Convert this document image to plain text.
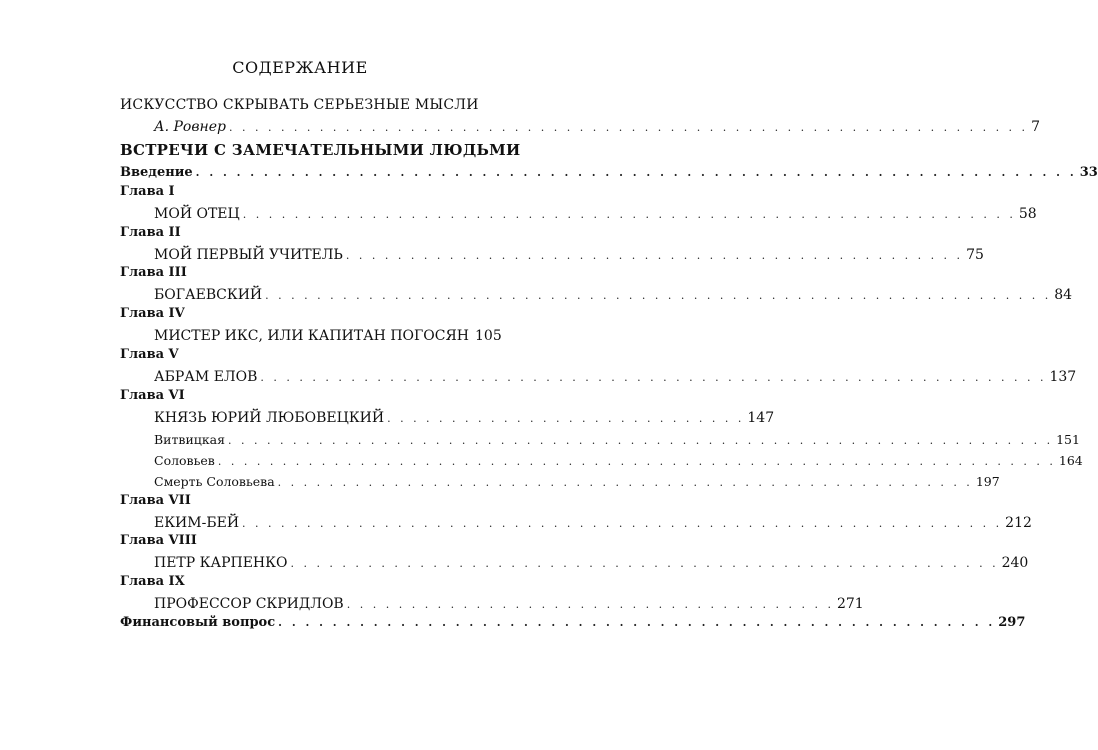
СОДЕРЖАНИЕ
ИСКУССТВО СКРЫВАТЬ СЕРЬЕЗНЫЕ МЫСЛИ
А. Ровнер . . . . . . . . . . . . . . . . . . . . . . . . . . . . . . . . . . . . . . . . . . . . . . . . . . . . . . . . . . . . . . 7
ВСТРЕЧИ С ЗАМЕЧАТЕЛЬНЫМИ ЛЮДЬМИ
Введение . . . . . . . . . . . . . . . . . . . . . . . . . . . . . . . . . . . . . . . . . . . . . . . . . . . . . . . . . . . . . . . . . 33
Глава I
МОЙ ОТЕЦ . . . . . . . . . . . . . . . . . . . . . . . . . . . . . . . . . . . . . . . . . . . . . . . . . . . . . . . . . . . . 58
Глава II
МОЙ ПЕРВЫЙ УЧИТЕЛЬ . . . . . . . . . . . . . . . . . . . . . . . . . . . . . . . . . . . . . . . . . . . . . . . . 75
Глава III
БОГАЕВСКИЙ . . . . . . . . . . . . . . . . . . . . . . . . . . . . . . . . . . . . . . . . . . . . . . . . . . . . . . . . . . . . . 84
Глава IV
МИСТЕР ИКС, ИЛИ КАПИТАН ПОГОСЯН 105
Глава V
АБРАМ ЕЛОВ . . . . . . . . . . . . . . . . . . . . . . . . . . . . . . . . . . . . . . . . . . . . . . . . . . . . . . . . . . . . . 137
Глава VI
КНЯЗЬ ЮРИЙ ЛЮБОВЕЦКИЙ . . . . . . . . . . . . . . . . . . . . . . . . . . . . 147
Витвицкая . . . . . . . . . . . . . . . . . . . . . . . . . . . . . . . . . . . . . . . . . . . . . . . . . . . . . . . . . . . . . . . . 151
Соловьев . . . . . . . . . . . . . . . . . . . . . . . . . . . . . . . . . . . . . . . . . . . . . . . . . . . . . . . . . . . . . . . . . 164
Смерть Соловьева . . . . . . . . . . . . . . . . . . . . . . . . . . . . . . . . . . . . . . . . . . . . . . . . . . . . . . 197
Глава VII
ЕКИМ-БЕЙ . . . . . . . . . . . . . . . . . . . . . . . . . . . . . . . . . . . . . . . . . . . . . . . . . . . . . . . . . . . 212
Глава VIII
ПЕТР КАРПЕНКО . . . . . . . . . . . . . . . . . . . . . . . . . . . . . . . . . . . . . . . . . . . . . . . . . . . . . . . 240
Глава IX
ПРОФЕССОР СКРИДЛОВ . . . . . . . . . . . . . . . . . . . . . . . . . . . . . . . . . . . . . . 271
Финансовый вопрос . . . . . . . . . . . . . . . . . . . . . . . . . . . . . . . . . . . . . . . . . . . . . . . . . . . . . 297
